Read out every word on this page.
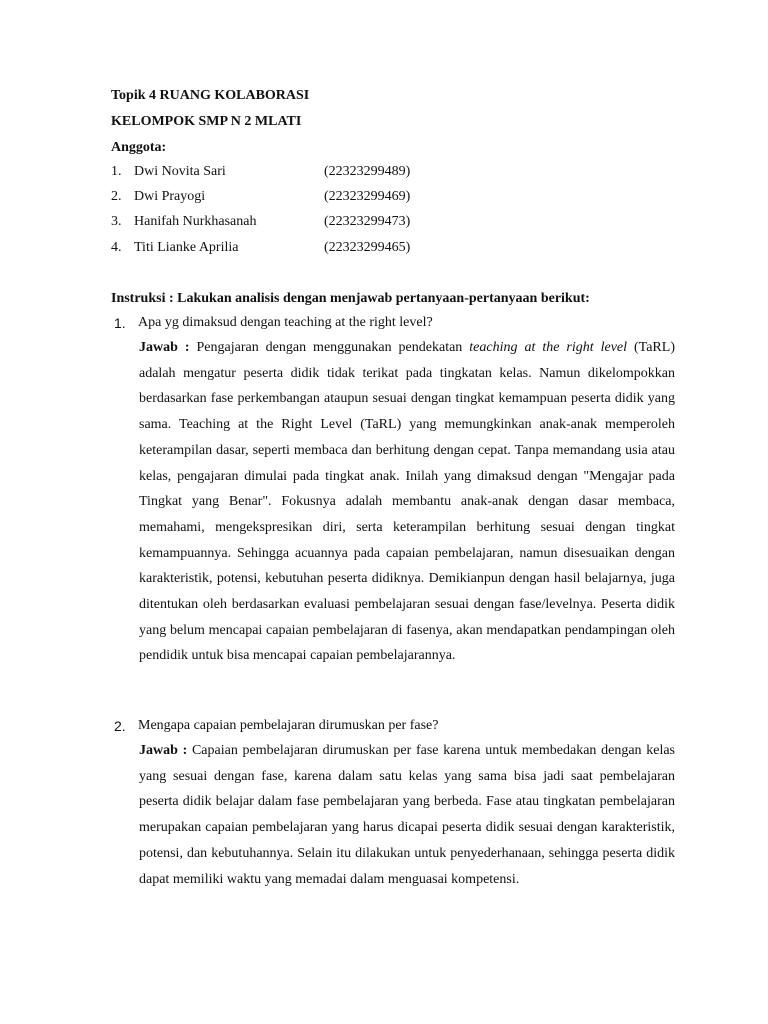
Topik 4 RUANG KOLABORASI
KELOMPOK SMP N 2 MLATI
Anggota:
1. Dwi Novita Sari	(22323299489)
2. Dwi Prayogi	(22323299469)
3. Hanifah Nurkhasanah	(22323299473)
4. Titi Lianke Aprilia	(22323299465)
Instruksi : Lakukan analisis dengan menjawab pertanyaan-pertanyaan berikut:
1. Apa yg dimaksud dengan teaching at the right level?
Jawab : Pengajaran dengan menggunakan pendekatan teaching at the right level (TaRL) adalah mengatur peserta didik tidak terikat pada tingkatan kelas. Namun dikelompokkan berdasarkan fase perkembangan ataupun sesuai dengan tingkat kemampuan peserta didik yang sama. Teaching at the Right Level (TaRL) yang memungkinkan anak-anak memperoleh keterampilan dasar, seperti membaca dan berhitung dengan cepat. Tanpa memandang usia atau kelas, pengajaran dimulai pada tingkat anak. Inilah yang dimaksud dengan "Mengajar pada Tingkat yang Benar". Fokusnya adalah membantu anak-anak dengan dasar membaca, memahami, mengekspresikan diri, serta keterampilan berhitung sesuai dengan tingkat kemampuannya. Sehingga acuannya pada capaian pembelajaran, namun disesuaikan dengan karakteristik, potensi, kebutuhan peserta didiknya. Demikianpun dengan hasil belajarnya, juga ditentukan oleh berdasarkan evaluasi pembelajaran sesuai dengan fase/levelnya. Peserta didik yang belum mencapai capaian pembelajaran di fasenya, akan mendapatkan pendampingan oleh pendidik untuk bisa mencapai capaian pembelajarannya.
2. Mengapa capaian pembelajaran dirumuskan per fase?
Jawab : Capaian pembelajaran dirumuskan per fase karena untuk membedakan dengan kelas yang sesuai dengan fase, karena dalam satu kelas yang sama bisa jadi saat pembelajaran peserta didik belajar dalam fase pembelajaran yang berbeda. Fase atau tingkatan pembelajaran merupakan capaian pembelajaran yang harus dicapai peserta didik sesuai dengan karakteristik, potensi, dan kebutuhannya. Selain itu dilakukan untuk penyederhanaan, sehingga peserta didik dapat memiliki waktu yang memadai dalam menguasai kompetensi.
